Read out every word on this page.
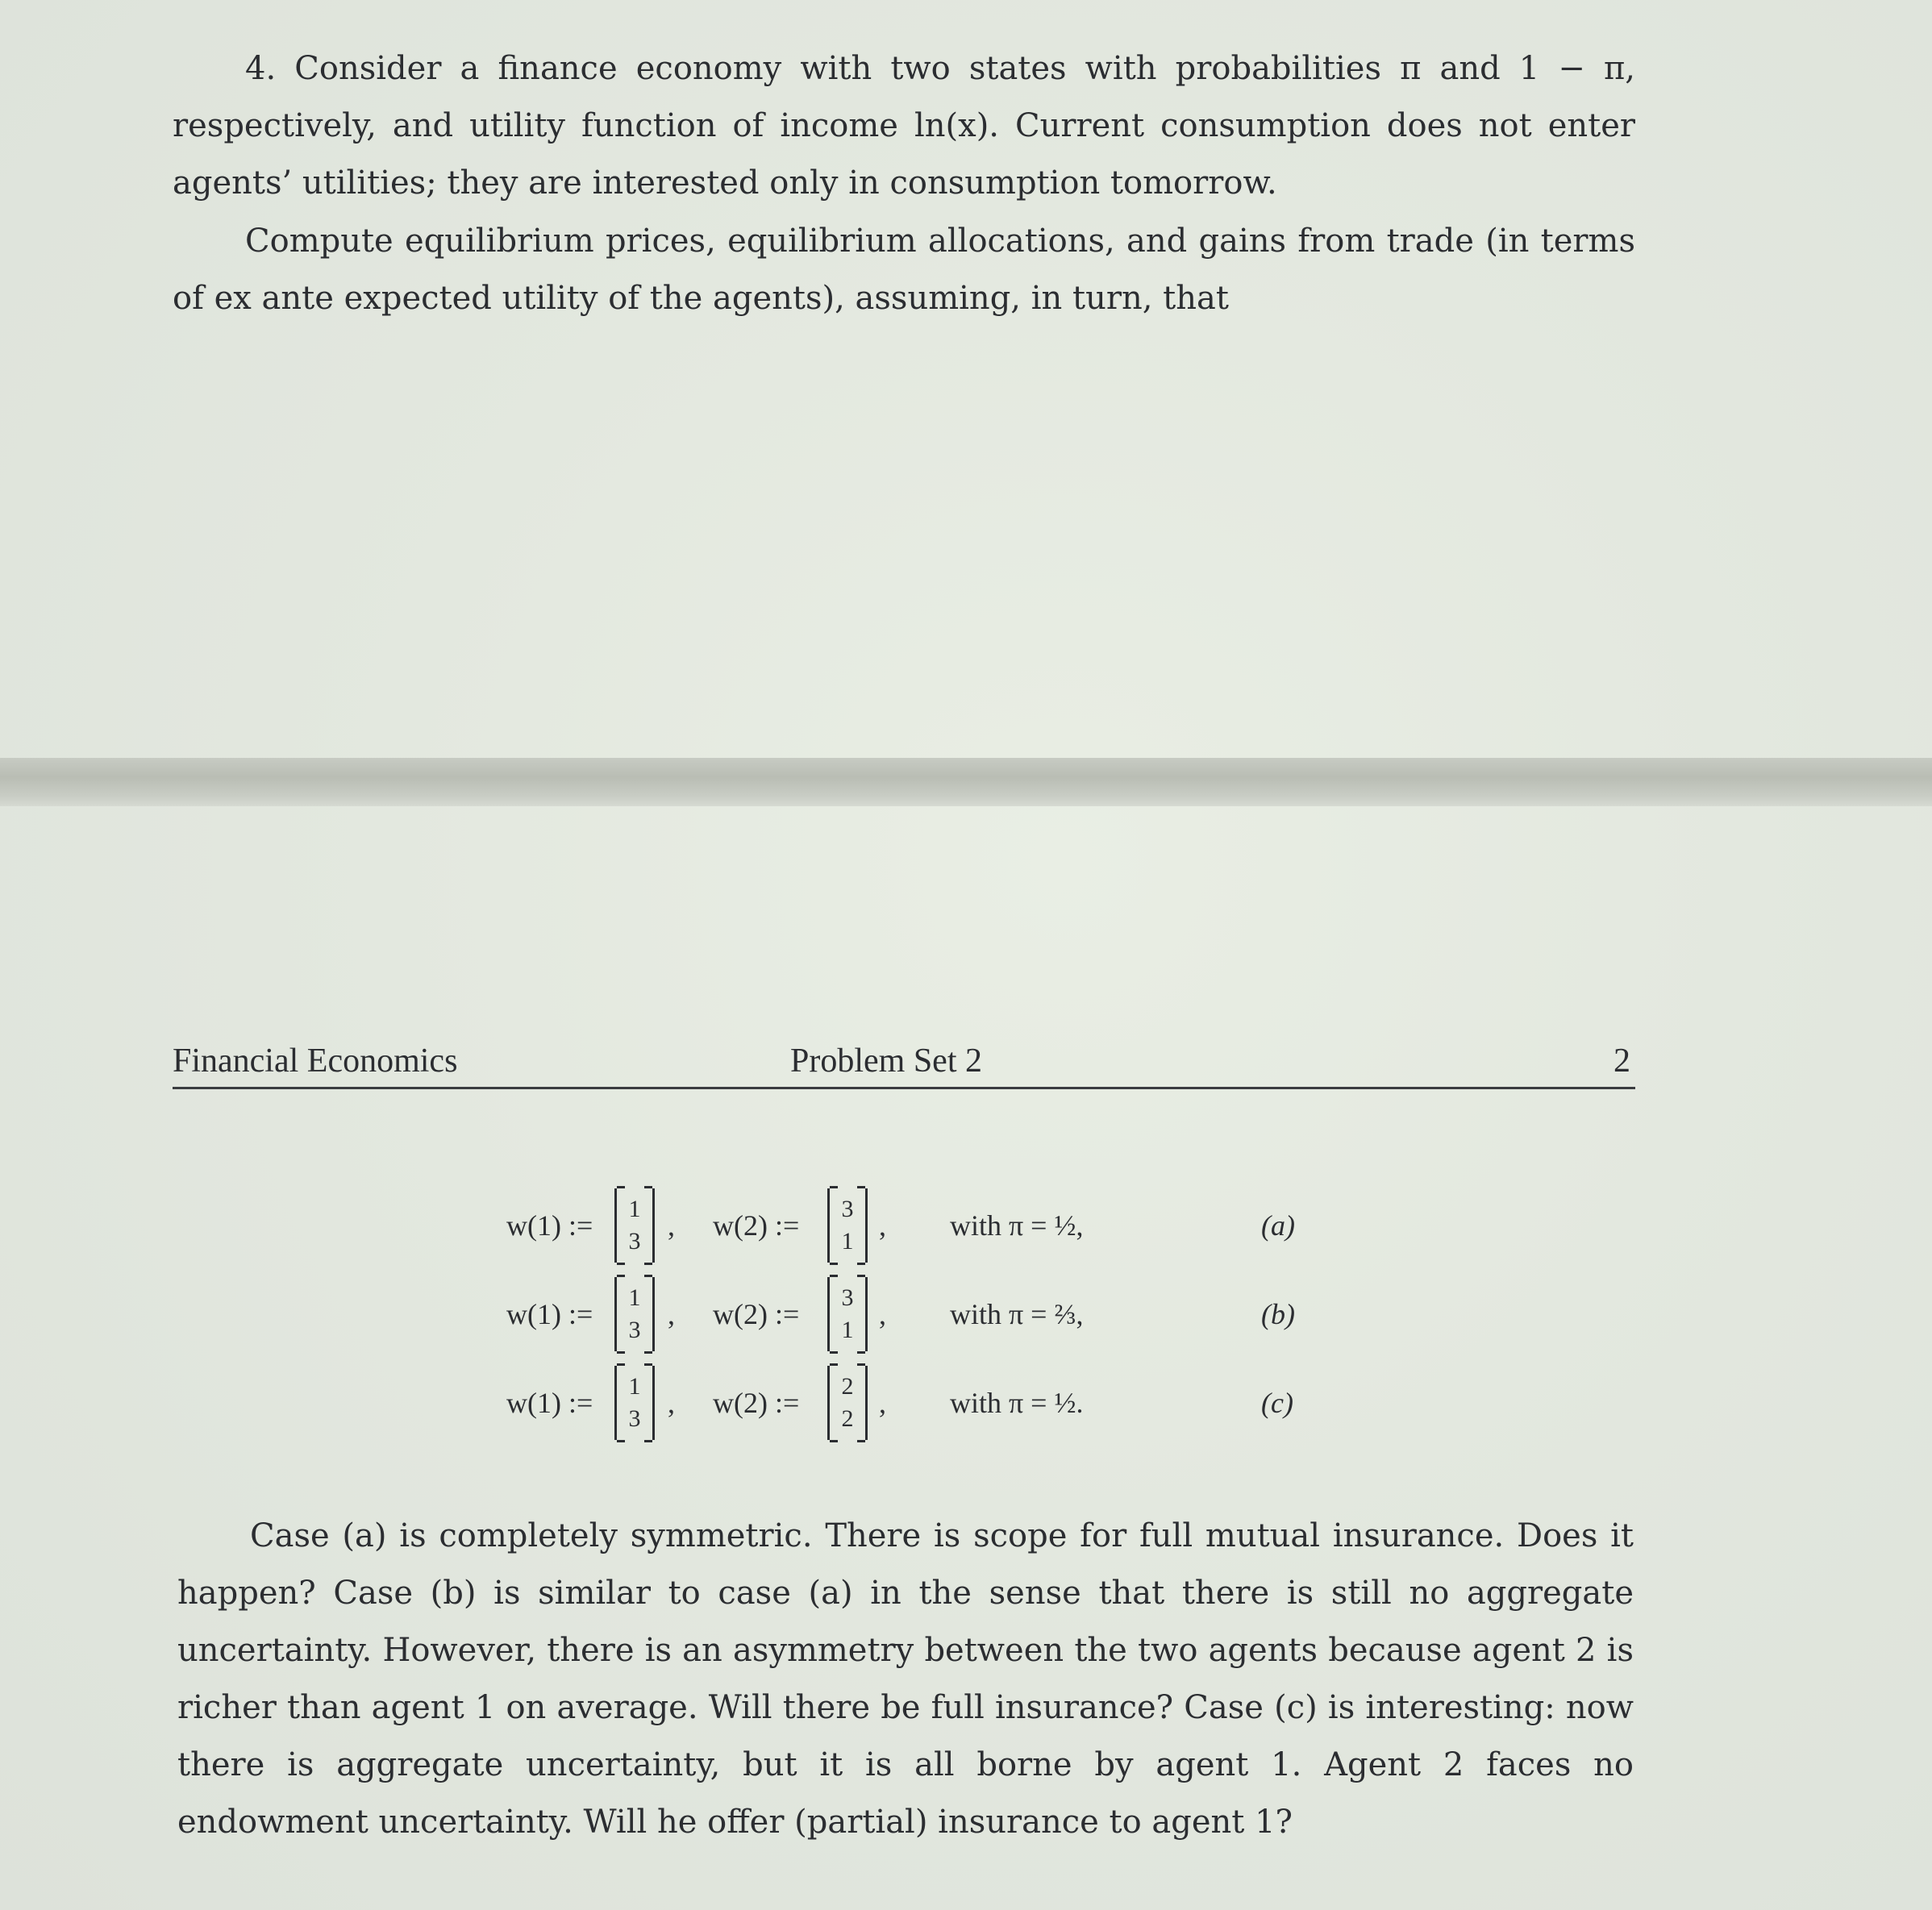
4. Consider a finance economy with two states with probabilities π and 1 − π, respectively, and utility function of income ln(x). Current consumption does not enter agents’ utilities; they are interested only in consumption tomorrow.

Compute equilibrium prices, equilibrium allocations, and gains from trade (in terms of ex ante expected utility of the agents), assuming, in turn, that

Financial Economics	Problem Set 2	2
w(1) :=
1
3 , w(2) :=
3
1 , with π = ½,	(a)
w(1) :=
1
3 , w(2) :=
3
1 , with π = ⅔,	(b)
w(1) :=
1
3 , w(2) :=
2
2 , with π = ½.	(c)

Case (a) is completely symmetric. There is scope for full mutual insurance. Does it happen? Case (b) is similar to case (a) in the sense that there is still no aggregate uncertainty. However, there is an asymmetry between the two agents because agent 2 is richer than agent 1 on average. Will there be full insurance? Case (c) is interesting: now there is aggregate uncertainty, but it is all borne by agent 1. Agent 2 faces no endowment uncertainty. Will he offer (partial) insurance to agent 1?
